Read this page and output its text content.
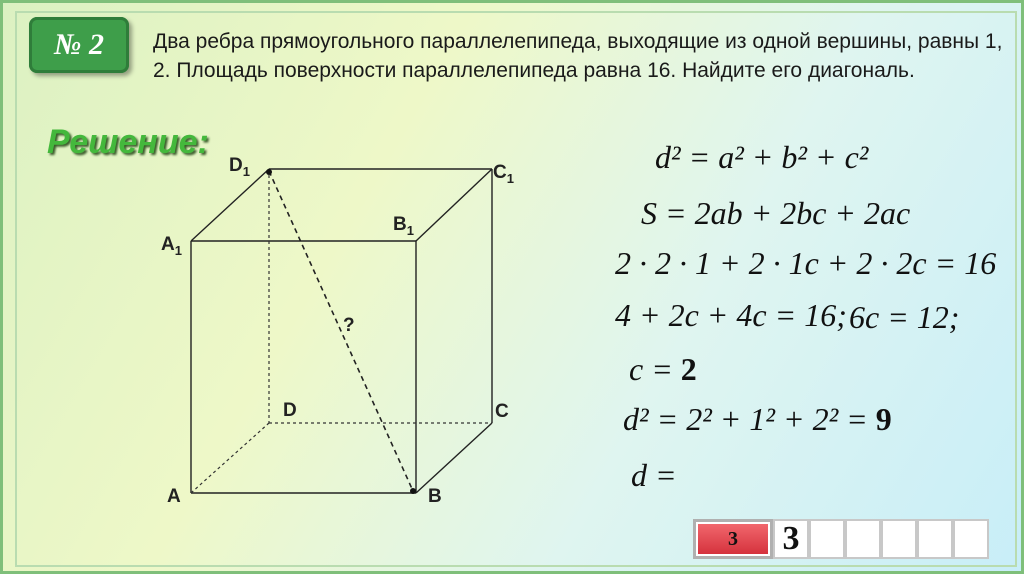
№ 2 Два ребра прямоугольного параллелепипеда, выходящие из одной вершины, равны 1, 2. Площадь поверхности параллелепипеда равна 16. Найдите его диагональ.
Решение:
$D_1$	$C_1$
$B_1$
$A_1$
D	C
A	B
?
d² = a² + b² + c²
S = 2ab + 2bc + 2ac
2 · 2 · 1 + 2 · 1c + 2 · 2c = 16
4 + 2c + 4c = 16; 6c = 12;
c = 2
d² = 2² + 1² + 2² = 9
d =
3	3
